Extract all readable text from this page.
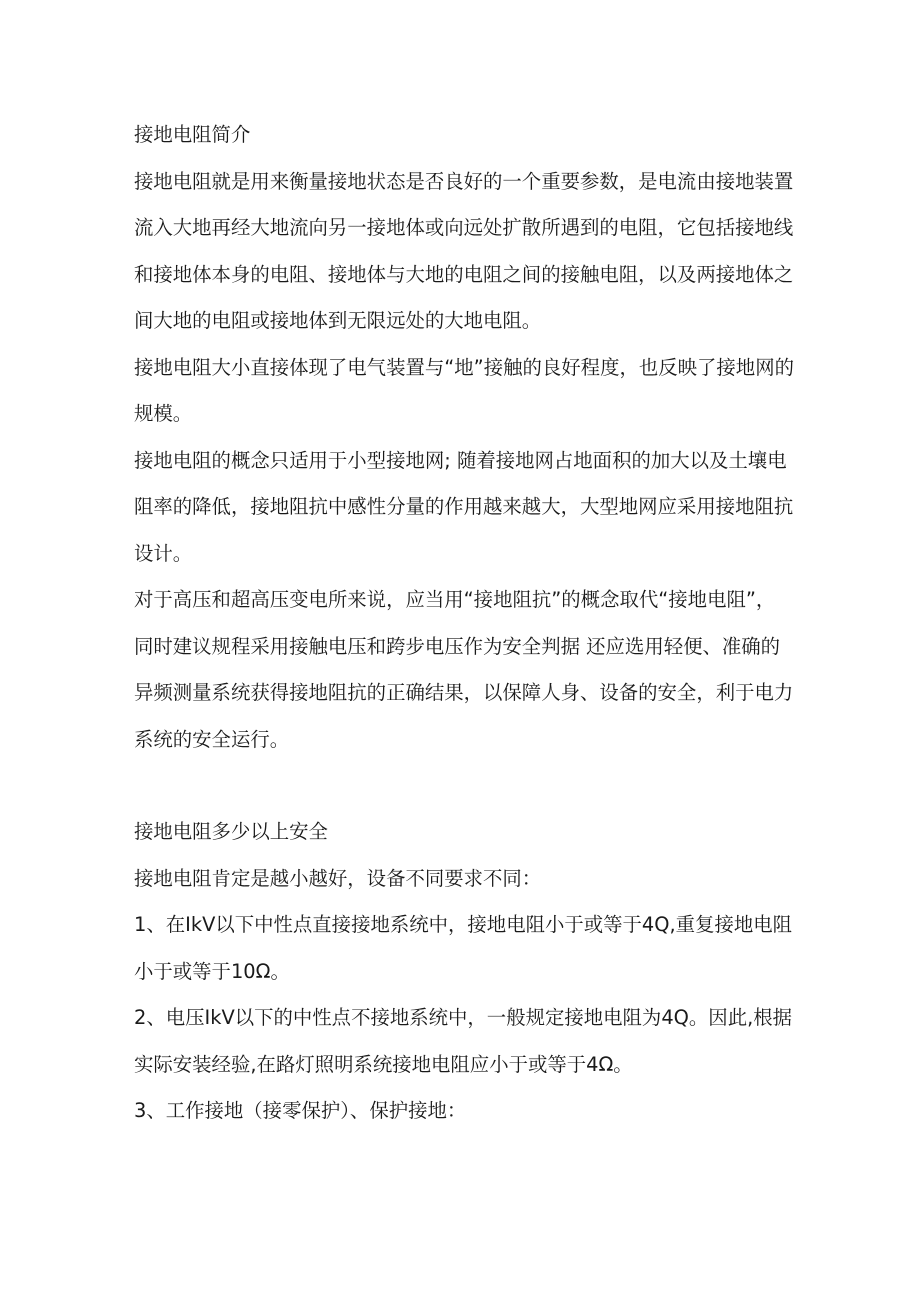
接地电阻简介

接地电阻就是用来衡量接地状态是否良好的一个重要参数，是电流由接地装置流入大地再经大地流向另一接地体或向远处扩散所遇到的电阻，它包括接地线和接地体本身的电阻、接地体与大地的电阻之间的接触电阻，以及两接地体之间大地的电阻或接地体到无限远处的大地电阻。

接地电阻大小直接体现了电气装置与“地”接触的良好程度，也反映了接地网的规模。

接地电阻的概念只适用于小型接地网; 随着接地网占地面积的加大以及土壤电阻率的降低，接地阻抗中感性分量的作用越来越大，大型地网应采用接地阻抗设计。

对于高压和超高压变电所来说，应当用“接地阻抗”的概念取代“接地电阻”，同时建议规程采用接触电压和跨步电压作为安全判据 还应选用轻便、准确的异频测量系统获得接地阻抗的正确结果，以保障人身、设备的安全，利于电力系统的安全运行。

接地电阻多少以上安全

接地电阻肯定是越小越好，设备不同要求不同：

1、在IkV以下中性点直接接地系统中，接地电阻小于或等于4Q,重复接地电阻小于或等于10Ω。

2、电压IkV以下的中性点不接地系统中，一般规定接地电阻为4Q。因此,根据实际安装经验,在路灯照明系统接地电阻应小于或等于4Ω。

3、工作接地（接零保护）、保护接地：
